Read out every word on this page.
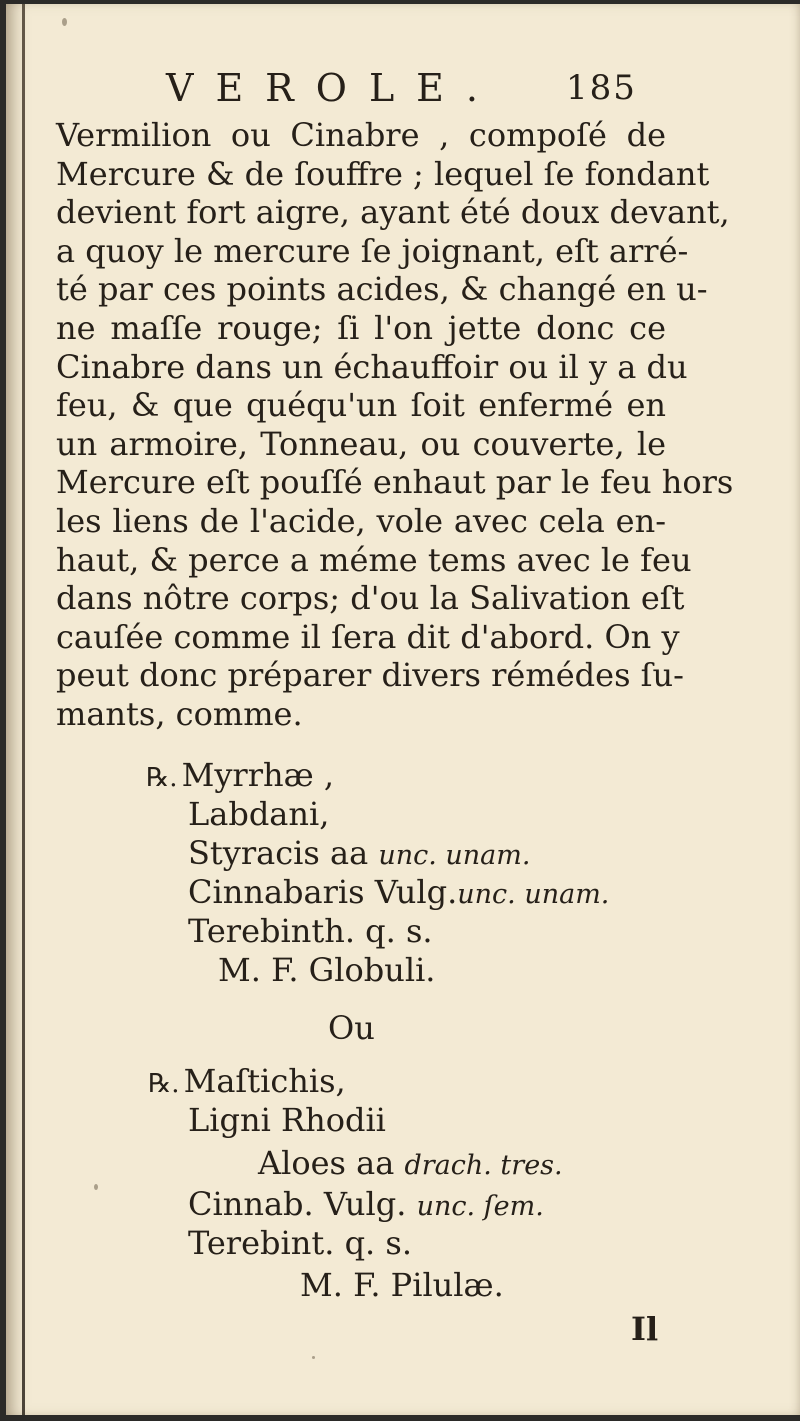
VEROLE. 185

Vermilion ou Cinabre , compoſé de
Mercure & de ſouffre ; lequel ſe fondant
devient fort aigre, ayant été doux devant,
a quoy le mercure ſe joignant, eſt arré-
té par ces points acides, & changé en u-
ne maſſe rouge; ſi l'on jette donc ce
Cinabre dans un échauffoir ou il y a du
feu, & que quéqu'un ſoit enfermé en
un armoire, Tonneau, ou couverte, le
Mercure eſt pouſſé enhaut par le feu hors
les liens de l'acide, vole avec cela en-
haut, & perce a méme tems avec le feu
dans nôtre corps; d'ou la Salivation eſt
cauſée comme il ſera dit d'abord. On y
peut donc préparer divers rémédes ſu-
mants, comme.

℞. Myrrhæ ,
Labdani,
Styracis aa unc. unam.
Cinnabaris Vulg.unc. unam.
Terebinth. q. s.
M. F. Globuli.
Ou
℞. Maſtichis,
Ligni Rhodii
Aloes aa drach. tres.
Cinnab. Vulg. unc. ſem.
Terebint. q. s.
M. F. Pilulæ.
Il
